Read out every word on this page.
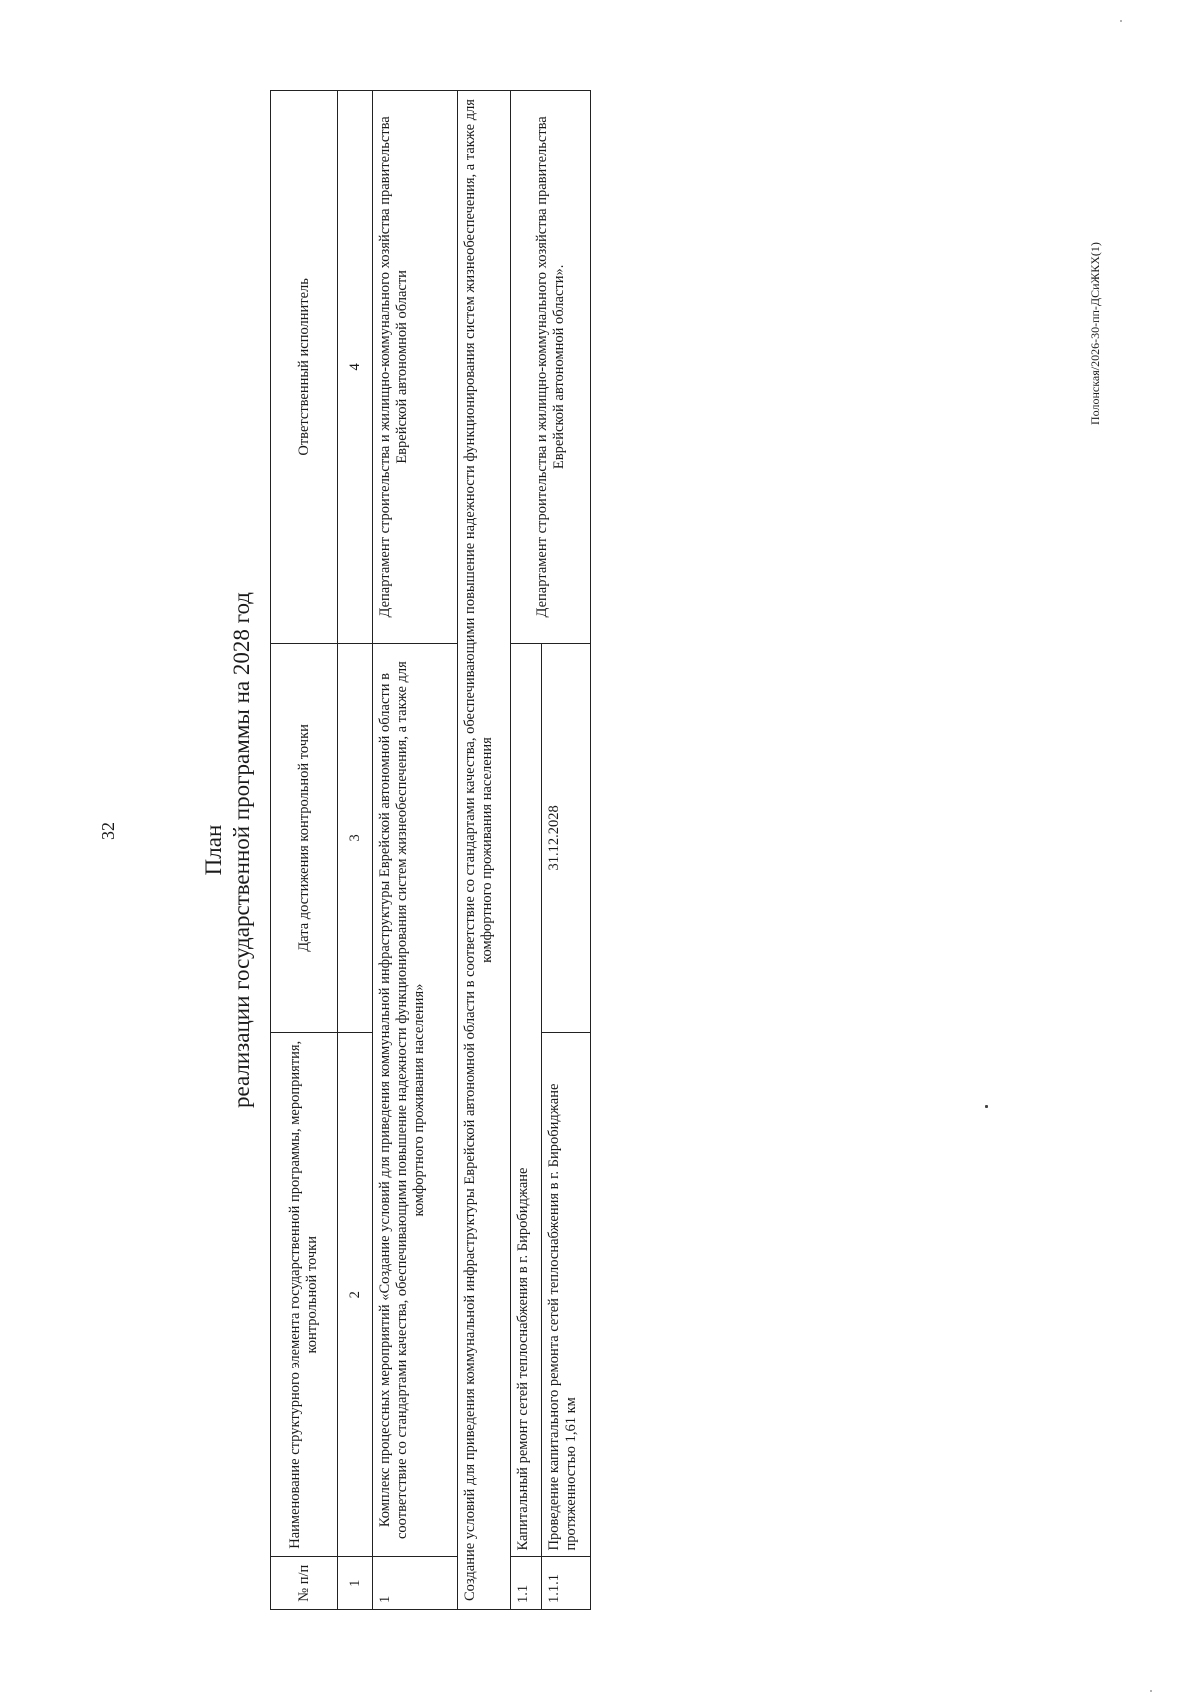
32
Полонская/2026-30-пп-ДСиЖКХ(1)
План реализации государственной программы на 2028 год
№ п/п	Наименование структурного элемента государственной программы, мероприятия, контрольной точки	Дата достижения контрольной точки	Ответственный исполнитель
1	2	3	4
1	Комплекс процессных мероприятий «Создание условий для приведения коммунальной инфраструктуры Еврейской автономной области в соответствие со стандартами качества, обеспечивающими повышение надежности функционирования систем жизнеобеспечения, а также для комфортного проживания населения»		Департамент строительства и жилищно-коммунального хозяйства правительства Еврейской автономной области
Создание условий для приведения коммунальной инфраструктуры Еврейской автономной области в соответствие со стандартами качества, обеспечивающими повышение надежности функционирования систем жизнеобеспечения, а также для комфортного проживания населения			
1.1	Капитальный ремонт сетей теплоснабжения в г. Биробиджане		Департамент строительства и жилищно-коммунального хозяйства правительства Еврейской автономной области».
1.1.1	Проведение капитального ремонта сетей теплоснабжения в г. Биробиджане протяженностью 1,61 км	31.12.2028	
